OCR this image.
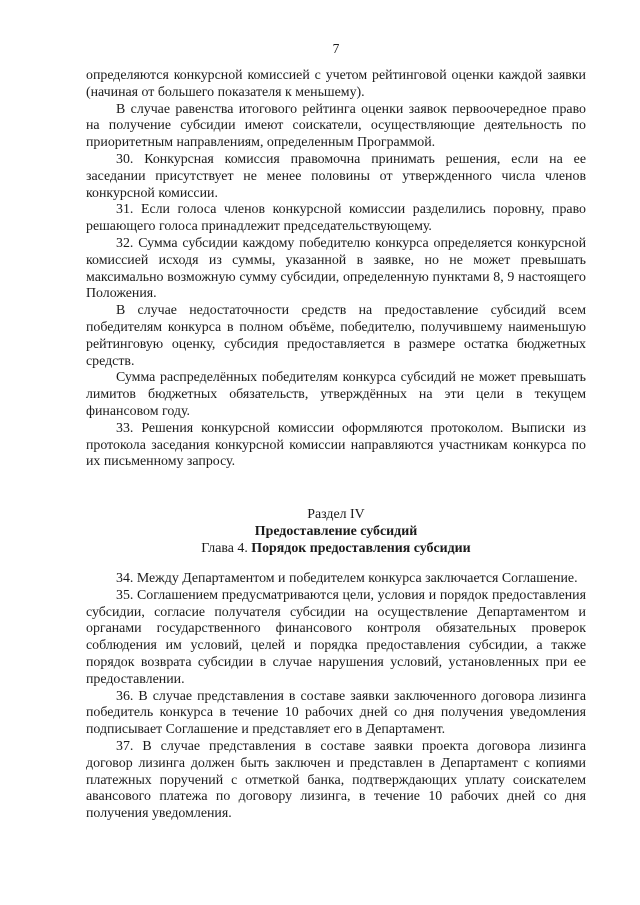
7

определяются конкурсной комиссией с учетом рейтинговой оценки каждой заявки (начиная от большего показателя к меньшему).

В случае равенства итогового рейтинга оценки заявок первоочередное право на получение субсидии имеют соискатели, осуществляющие деятельность по приоритетным направлениям, определенным Программой.

30. Конкурсная комиссия правомочна принимать решения, если на ее заседании присутствует не менее половины от утвержденного числа членов конкурсной комиссии.

31. Если голоса членов конкурсной комиссии разделились поровну, право решающего голоса принадлежит председательствующему.

32. Сумма субсидии каждому победителю конкурса определяется конкурсной комиссией исходя из суммы, указанной в заявке, но не может превышать максимально возможную сумму субсидии, определенную пунктами 8, 9 настоящего Положения.

В случае недостаточности средств на предоставление субсидий всем победителям конкурса в полном объёме, победителю, получившему наименьшую рейтинговую оценку, субсидия предоставляется в размере остатка бюджетных средств.

Сумма распределённых победителям конкурса субсидий не может превышать лимитов бюджетных обязательств, утверждённых на эти цели в текущем финансовом году.

33. Решения конкурсной комиссии оформляются протоколом. Выписки из протокола заседания конкурсной комиссии направляются участникам конкурса по их письменному запросу.

Раздел IV
Предоставление субсидий
Глава 4. Порядок предоставления субсидии

34. Между Департаментом и победителем конкурса заключается Соглашение.

35. Соглашением предусматриваются цели, условия и порядок предоставления субсидии, согласие получателя субсидии на осуществление Департаментом и органами государственного финансового контроля обязательных проверок соблюдения им условий, целей и порядка предоставления субсидии, а также порядок возврата субсидии в случае нарушения условий, установленных при ее предоставлении.

36. В случае представления в составе заявки заключенного договора лизинга победитель конкурса в течение 10 рабочих дней со дня получения уведомления подписывает Соглашение и представляет его в Департамент.

37. В случае представления в составе заявки проекта договора лизинга договор лизинга должен быть заключен и представлен в Департамент с копиями платежных поручений с отметкой банка, подтверждающих уплату соискателем авансового платежа по договору лизинга, в течение 10 рабочих дней со дня получения уведомления.
